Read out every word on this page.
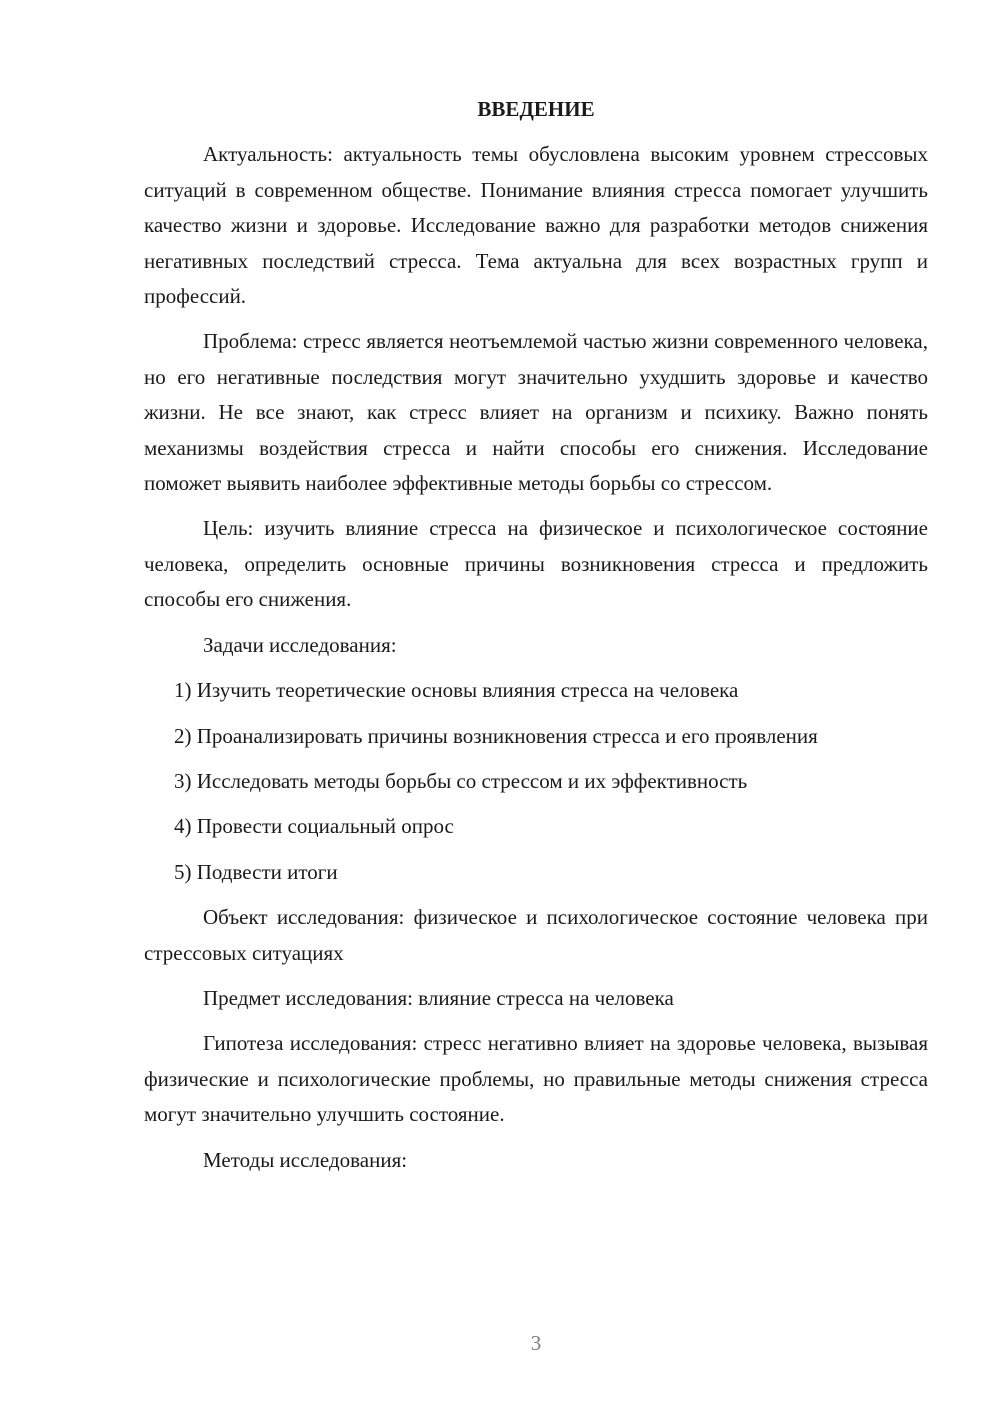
ВВЕДЕНИЕ

Актуальность: актуальность темы обусловлена высоким уровнем стрессовых ситуаций в современном обществе. Понимание влияния стресса помогает улучшить качество жизни и здоровье. Исследование важно для разработки методов снижения негативных последствий стресса. Тема актуальна для всех возрастных групп и профессий.

Проблема: стресс является неотъемлемой частью жизни современного человека, но его негативные последствия могут значительно ухудшить здоровье и качество жизни. Не все знают, как стресс влияет на организм и психику. Важно понять механизмы воздействия стресса и найти способы его снижения. Исследование поможет выявить наиболее эффективные методы борьбы со стрессом.

Цель: изучить влияние стресса на физическое и психологическое состояние человека, определить основные причины возникновения стресса и предложить способы его снижения.

Задачи исследования:

1) Изучить теоретические основы влияния стресса на человека

2) Проанализировать причины возникновения стресса и его проявления

3) Исследовать методы борьбы со стрессом и их эффективность

4) Провести социальный опрос

5) Подвести итоги

Объект исследования: физическое и психологическое состояние человека при стрессовых ситуациях

Предмет исследования: влияние стресса на человека

Гипотеза исследования: стресс негативно влияет на здоровье человека, вызывая физические и психологические проблемы, но правильные методы снижения стресса могут значительно улучшить состояние.

Методы исследования:

3
